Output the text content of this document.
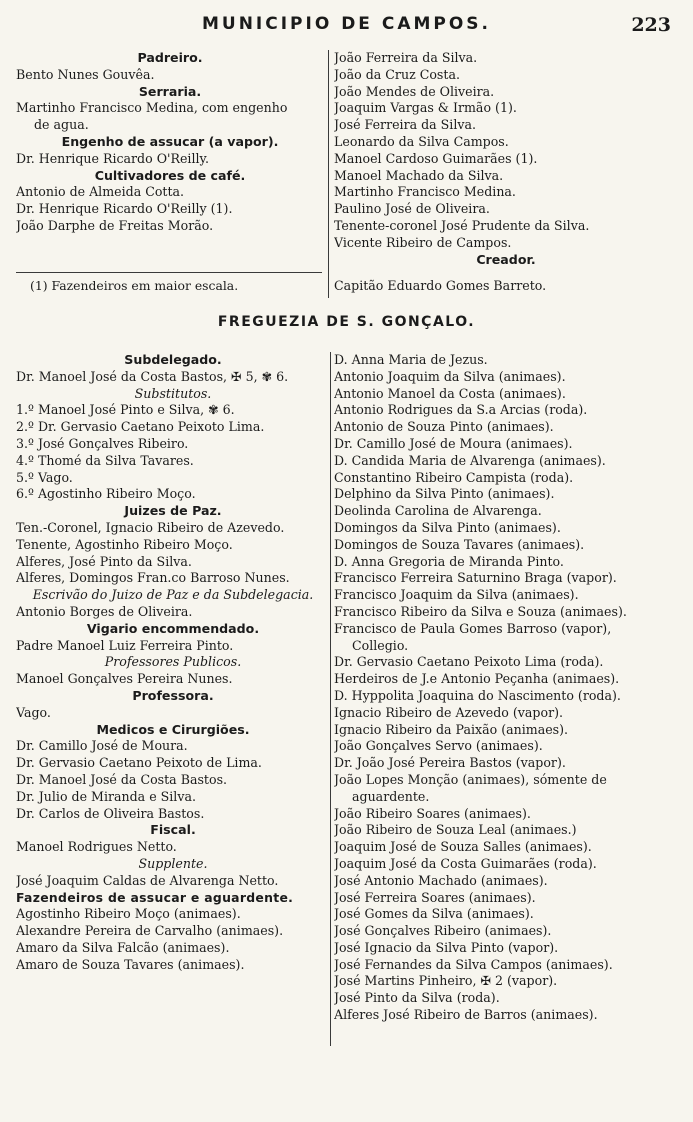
MUNICIPIO DE CAMPOS.	223
Padreiro.
Bento Nunes Gouvêa.
Serraria.
Martinho Francisco Medina, com engenho
de agua.
Engenho de assucar (a vapor).
Dr. Henrique Ricardo O'Reilly.
Cultivadores de café.
Antonio de Almeida Cotta.
Dr. Henrique Ricardo O'Reilly (1).
João Darphe de Freitas Morão.
João Ferreira da Silva.
João da Cruz Costa.
João Mendes de Oliveira.
Joaquim Vargas & Irmão (1).
José Ferreira da Silva.
Leonardo da Silva Campos.
Manoel Cardoso Guimarães (1).
Manoel Machado da Silva.
Martinho Francisco Medina.
Paulino José de Oliveira.
Tenente-coronel José Prudente da Silva.
Vicente Ribeiro de Campos.
Creador.
(1) Fazendeiros em maior escala.	Capitão Eduardo Gomes Barreto.
FREGUEZIA DE S. GONÇALO.
Subdelegado.
Dr. Manoel José da Costa Bastos, ✠ 5, ✾ 6.
Substitutos.
1.º Manoel José Pinto e Silva, ✾ 6.
2.º Dr. Gervasio Caetano Peixoto Lima.
3.º José Gonçalves Ribeiro.
4.º Thomé da Silva Tavares.
5.º Vago.
6.º Agostinho Ribeiro Moço.
Juizes de Paz.
Ten.-Coronel, Ignacio Ribeiro de Azevedo.
Tenente, Agostinho Ribeiro Moço.
Alferes, José Pinto da Silva.
Alferes, Domingos Fran.co Barroso Nunes.
Escrivão do Juizo de Paz e da Subdelegacia.
Antonio Borges de Oliveira.
Vigario encommendado.
Padre Manoel Luiz Ferreira Pinto.
Professores Publicos.
Manoel Gonçalves Pereira Nunes.
Professora.
Vago.
Medicos e Cirurgiões.
Dr. Camillo José de Moura.
Dr. Gervasio Caetano Peixoto de Lima.
Dr. Manoel José da Costa Bastos.
Dr. Julio de Miranda e Silva.
Dr. Carlos de Oliveira Bastos.
Fiscal.
Manoel Rodrigues Netto.
Supplente.
José Joaquim Caldas de Alvarenga Netto.
Fazendeiros de assucar e aguardente.
Agostinho Ribeiro Moço (animaes).
Alexandre Pereira de Carvalho (animaes).
Amaro da Silva Falcão (animaes).
Amaro de Souza Tavares (animaes).
D. Anna Maria de Jezus.
Antonio Joaquim da Silva (animaes).
Antonio Manoel da Costa (animaes).
Antonio Rodrigues da S.a Arcias (roda).
Antonio de Souza Pinto (animaes).
Dr. Camillo José de Moura (animaes).
D. Candida Maria de Alvarenga (animaes).
Constantino Ribeiro Campista (roda).
Delphino da Silva Pinto (animaes).
Deolinda Carolina de Alvarenga.
Domingos da Silva Pinto (animaes).
Domingos de Souza Tavares (animaes).
D. Anna Gregoria de Miranda Pinto.
Francisco Ferreira Saturnino Braga (vapor).
Francisco Joaquim da Silva (animaes).
Francisco Ribeiro da Silva e Souza (animaes).
Francisco de Paula Gomes Barroso (vapor),
Collegio.
Dr. Gervasio Caetano Peixoto Lima (roda).
Herdeiros de J.e Antonio Peçanha (animaes).
D. Hyppolita Joaquina do Nascimento (roda).
Ignacio Ribeiro de Azevedo (vapor).
Ignacio Ribeiro da Paixão (animaes).
João Gonçalves Servo (animaes).
Dr. João José Pereira Bastos (vapor).
João Lopes Monção (animaes), sómente de
aguardente.
João Ribeiro Soares (animaes).
João Ribeiro de Souza Leal (animaes.)
Joaquim José de Souza Salles (animaes).
Joaquim José da Costa Guimarães (roda).
José Antonio Machado (animaes).
José Ferreira Soares (animaes).
José Gomes da Silva (animaes).
José Gonçalves Ribeiro (animaes).
José Ignacio da Silva Pinto (vapor).
José Fernandes da Silva Campos (animaes).
José Martins Pinheiro, ✠ 2 (vapor).
José Pinto da Silva (roda).
Alferes José Ribeiro de Barros (animaes).
